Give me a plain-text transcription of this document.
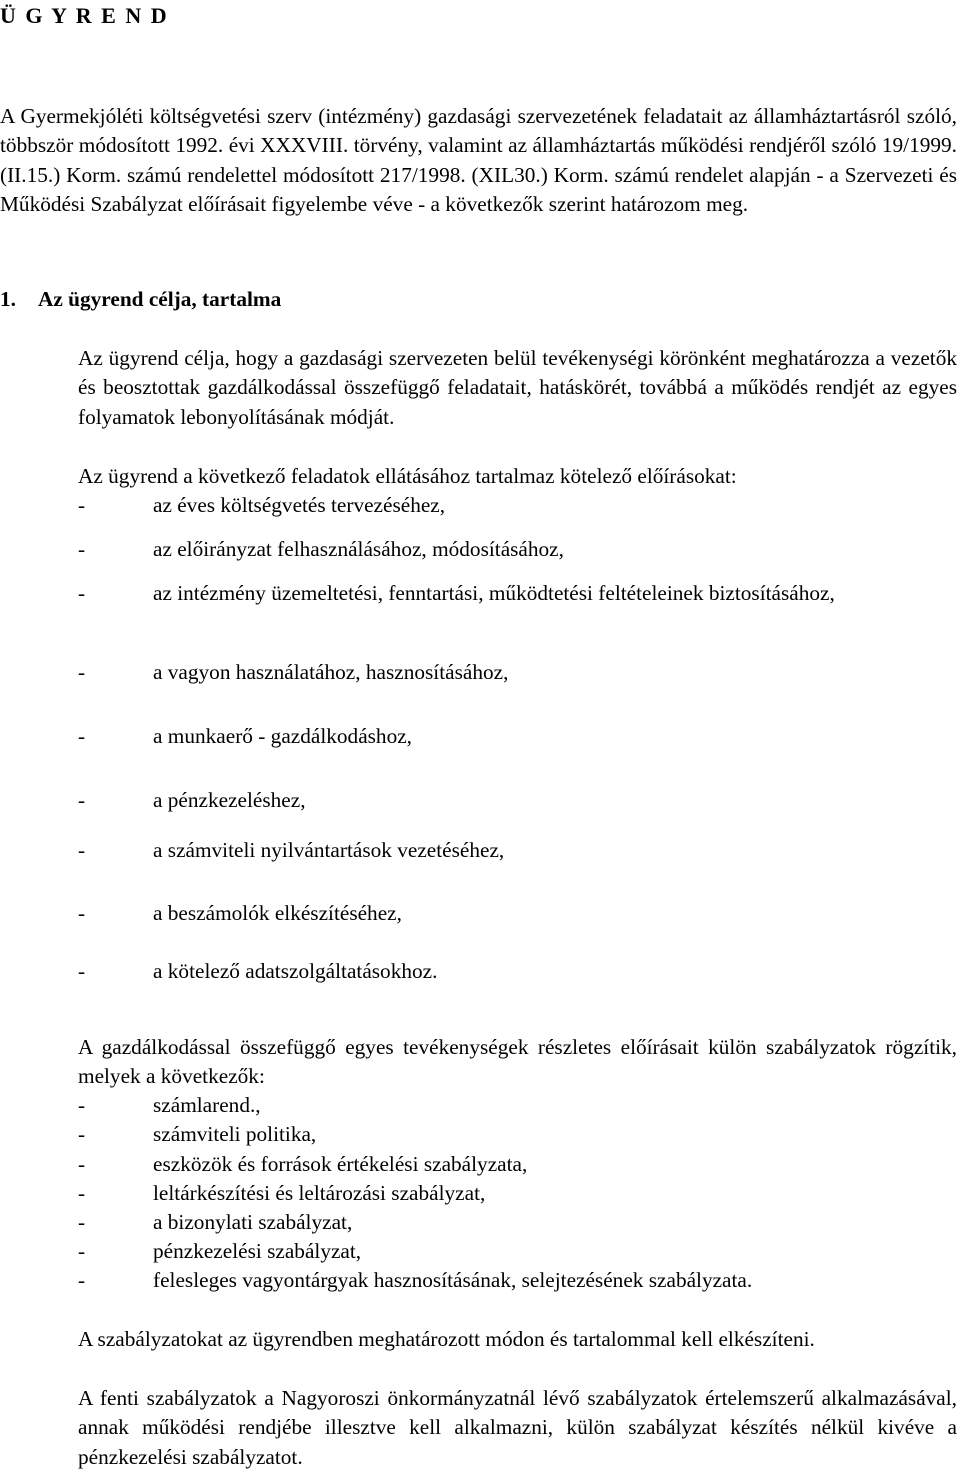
Ü G Y R E N D

A Gyermekjóléti költségvetési szerv (intézmény) gazdasági szervezetének feladatait az államháztartásról szóló, többször módosított 1992. évi XXXVIII. törvény, valamint az államháztartás működési rendjéről szóló 19/1999. (II.15.) Korm. számú rendelettel módosított 217/1998. (XIL30.) Korm. számú rendelet alapján - a Szervezeti és Működési Szabályzat előírásait figyelembe véve - a következők szerint határozom meg.

1. Az ügyrend célja, tartalma

Az ügyrend célja, hogy a gazdasági szervezeten belül tevékenységi körönként meghatározza a vezetők és beosztottak gazdálkodással összefüggő feladatait, hatáskörét, továbbá a működés rendjét az egyes folyamatok lebonyolításának módját.

Az ügyrend a következő feladatok ellátásához tartalmaz kötelező előírásokat:

-	az éves költségvetés tervezéséhez,
-	az előirányzat felhasználásához, módosításához,
-	az intézmény üzemeltetési, fenntartási, működtetési feltételeinek biztosításához,
-	a vagyon használatához, hasznosításához,
-	a munkaerő - gazdálkodáshoz,
-	a pénzkezeléshez,
-	a számviteli nyilvántartások vezetéséhez,
-	a beszámolók elkészítéséhez,
-	a kötelező adatszolgáltatásokhoz.

A gazdálkodással összefüggő egyes tevékenységek részletes előírásait külön szabályzatok rögzítik, melyek a következők:

-	számlarend.,
-	számviteli politika,
-	eszközök és források értékelési szabályzata,
-	leltárkészítési és leltározási szabályzat,
-	a bizonylati szabályzat,
-	pénzkezelési szabályzat,
-	felesleges vagyontárgyak hasznosításának, selejtezésének szabályzata.

A szabályzatokat az ügyrendben meghatározott módon és tartalommal kell elkészíteni.

A fenti szabályzatok a Nagyoroszi önkormányzatnál lévő szabályzatok értelemszerű alkalmazásával, annak működési rendjébe illesztve kell alkalmazni, külön szabályzat készítés nélkül kivéve a pénzkezelési szabályzatot.
